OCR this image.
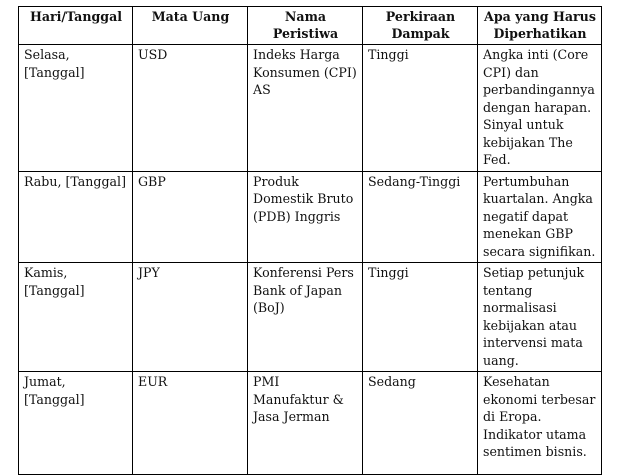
Hari/Tanggal	Mata Uang	Nama Peristiwa	Perkiraan Dampak	Apa yang Harus Diperhatikan
Selasa, [Tanggal]	USD	Indeks Harga Konsumen (CPI) AS	Tinggi	Angka inti (Core CPI) dan perbandingannya dengan harapan. Sinyal untuk kebijakan The Fed.
Rabu, [Tanggal]	GBP	Produk Domestik Bruto (PDB) Inggris	Sedang-Tinggi	Pertumbuhan kuartalan. Angka negatif dapat menekan GBP secara signifikan.
Kamis, [Tanggal]	JPY	Konferensi Pers Bank of Japan (BoJ)	Tinggi	Setiap petunjuk tentang normalisasi kebijakan atau intervensi mata uang.
Jumat, [Tanggal]	EUR	PMI Manufaktur & Jasa Jerman	Sedang	Kesehatan ekonomi terbesar di Eropa. Indikator utama sentimen bisnis.
